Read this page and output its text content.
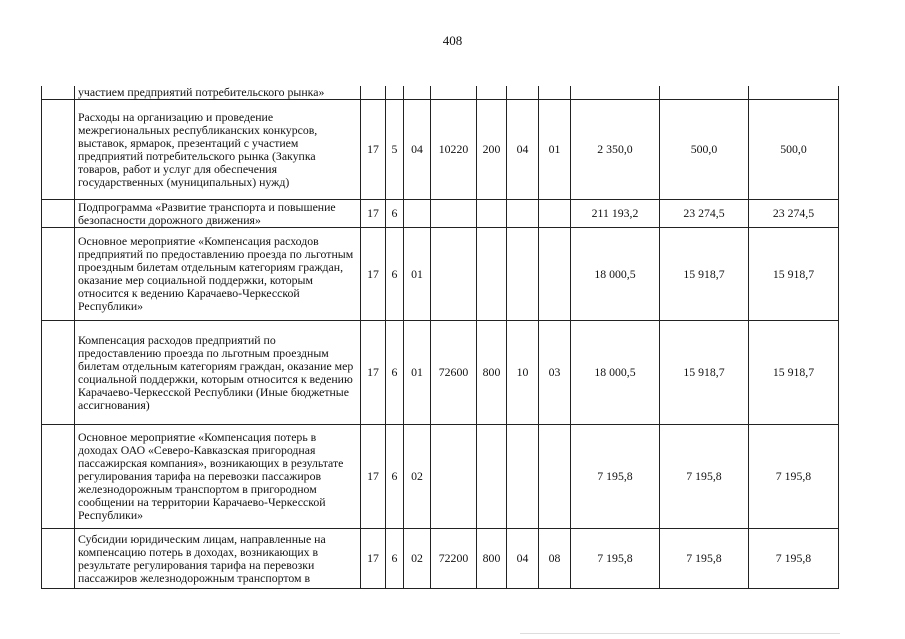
408
	участием предприятий потребительского рынка»										
	Расходы на организацию и проведение межрегиональных республиканских конкурсов, выставок, ярмарок, презентаций с участием предприятий потребительского рынка (Закупка товаров, работ и услуг для обеспечения государственных (муниципальных) нужд)	17	5	04	10220	200	04	01	2 350,0	500,0	500,0
	Подпрограмма «Развитие транспорта и повышение безопасности дорожного движения»	17	6						211 193,2	23 274,5	23 274,5
	Основное мероприятие «Компенсация расходов предприятий по предоставлению проезда по льготным проездным билетам отдельным категориям граждан, оказание мер социальной поддержки, которым относится к ведению Карачаево-Черкесской Республики»	17	6	01					18 000,5	15 918,7	15 918,7
	Компенсация расходов предприятий по предоставлению проезда по льготным проездным билетам отдельным категориям граждан, оказание мер социальной поддержки, которым относится к ведению Карачаево-Черкесской Республики (Иные бюджетные ассигнования)	17	6	01	72600	800	10	03	18 000,5	15 918,7	15 918,7
	Основное мероприятие «Компенсация потерь в доходах ОАО «Северо-Кавказская пригородная пассажирская компания», возникающих в результате регулирования тарифа на перевозки пассажиров железнодорожным транспортом в пригородном сообщении на территории Карачаево-Черкесской Республики»	17	6	02					7 195,8	7 195,8	7 195,8
	Субсидии юридическим лицам, направленные на компенсацию потерь в доходах, возникающих в результате регулирования тарифа на перевозки пассажиров железнодорожным транспортом в	17	6	02	72200	800	04	08	7 195,8	7 195,8	7 195,8
